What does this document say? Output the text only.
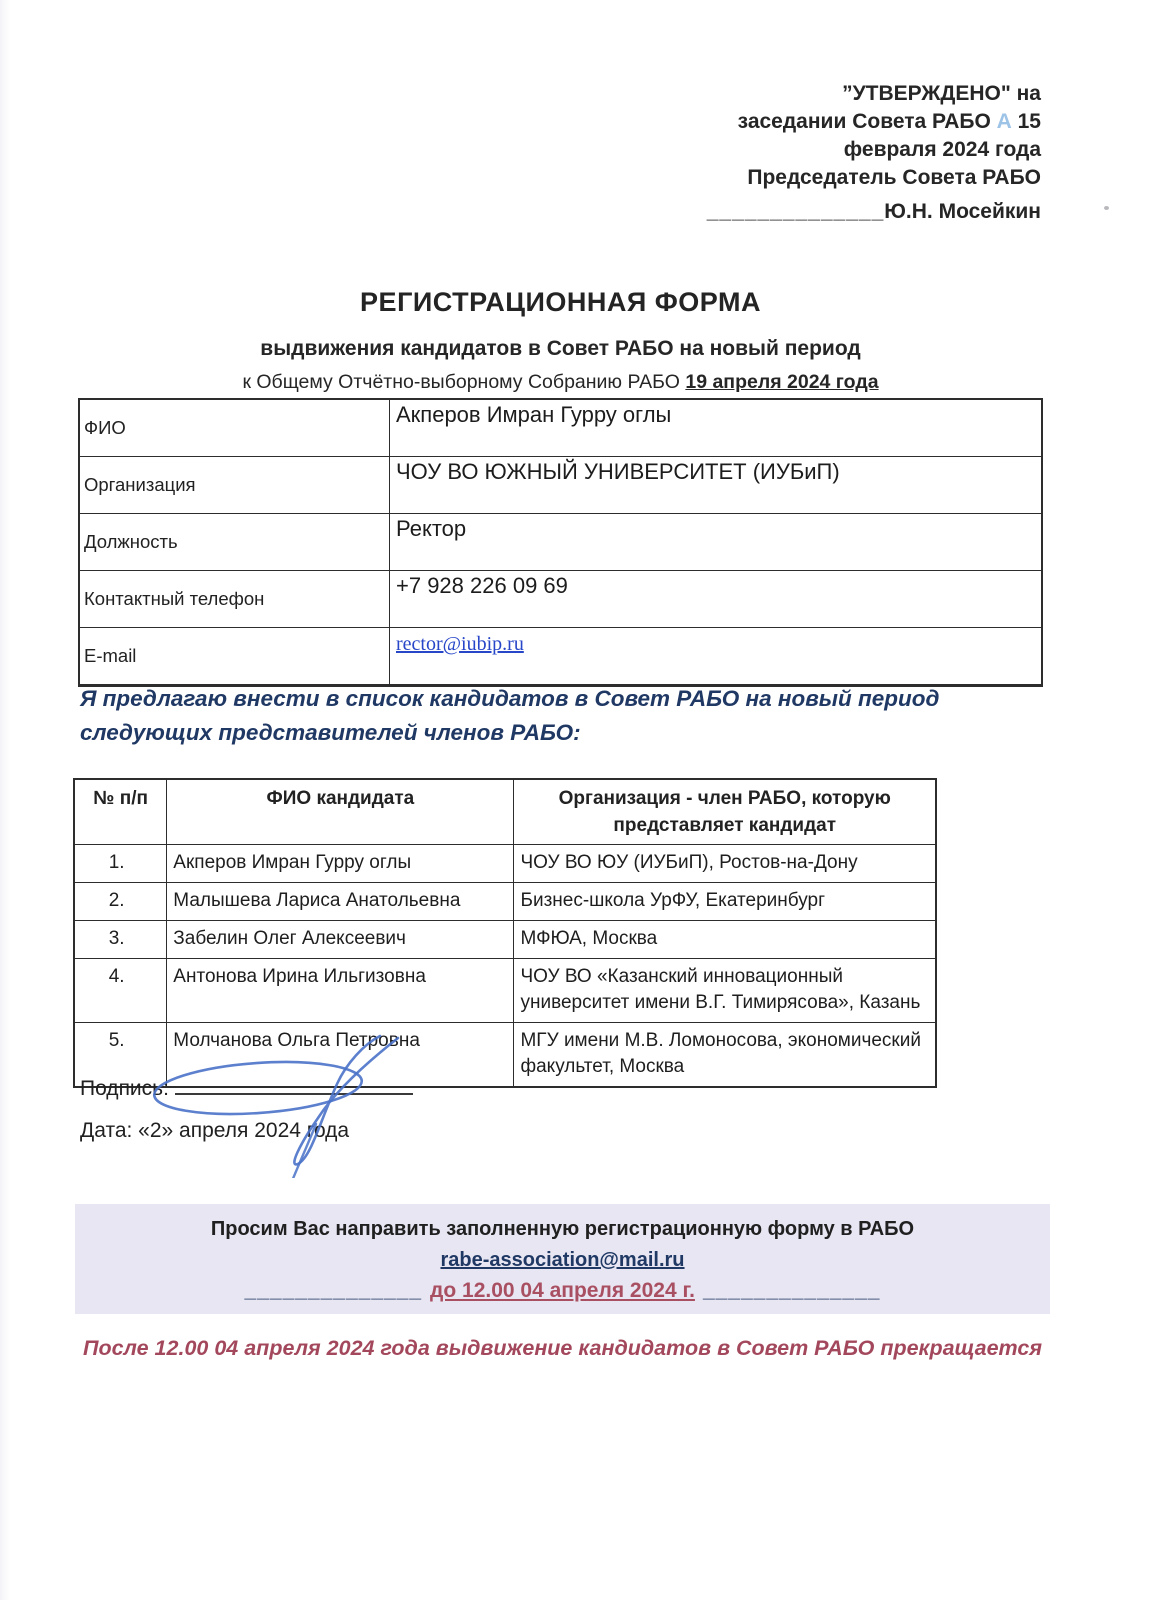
”УТВЕРЖДЕНО" на
заседании Совета РАБО А 15
февраля 2024 года
Председатель Совета РАБО
______________Ю.Н. Мосейкин
РЕГИСТРАЦИОННАЯ ФОРМА
выдвижения кандидатов в Совет РАБО на новый период
к Общему Отчётно-выборному Собранию РАБО 19 апреля 2024 года
ФИО	Акперов Имран Гурру оглы
Организация	ЧОУ ВО ЮЖНЫЙ УНИВЕРСИТЕТ (ИУБиП)
Должность	Ректор
Контактный телефон	+7 928 226 09 69
E-mail	rector@iubip.ru
Я предлагаю внести в список кандидатов в Совет РАБО на новый период следующих представителей членов РАБО:
№ п/п	ФИО кандидата	Организация - член РАБО, которую представляет кандидат
1.	Акперов Имран Гурру оглы	ЧОУ ВО ЮУ (ИУБиП), Ростов-на-Дону
2.	Малышева Лариса Анатольевна	Бизнес-школа УрФУ, Екатеринбург
3.	Забелин Олег Алексеевич	МФЮА, Москва
4.	Антонова Ирина Ильгизовна	ЧОУ ВО «Казанский инновационный университет имени В.Г. Тимирясова», Казань
5.	Молчанова Ольга Петровна	МГУ имени М.В. Ломоносова, экономический факультет, Москва
Подпись:
Дата: «2» апреля 2024 года
Просим Вас направить заполненную регистрационную форму в РАБО
rabe-association@mail.ru
______________ до 12.00 04 апреля 2024 г. ______________
После 12.00 04 апреля 2024 года выдвижение кандидатов в Совет РАБО прекращается
